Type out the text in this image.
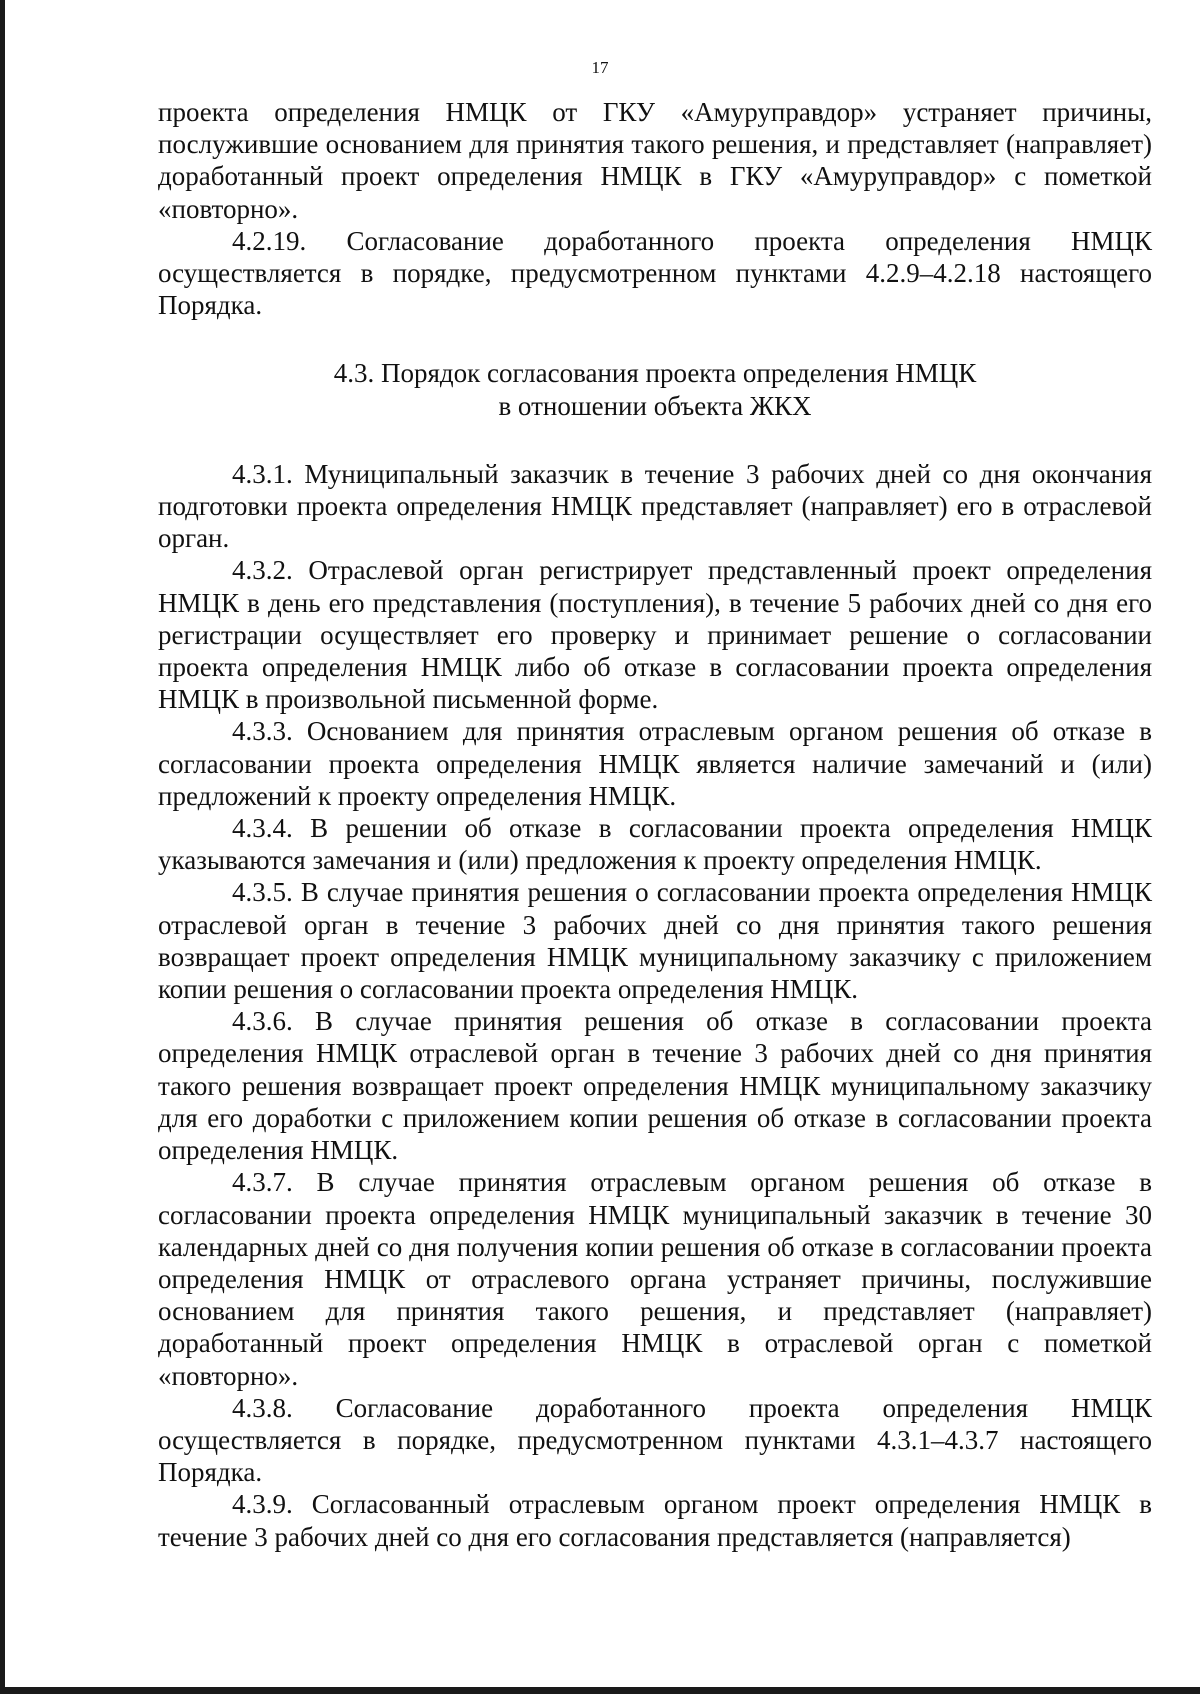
17

проекта определения НМЦК от ГКУ «Амуруправдор» устраняет причины, послужившие основанием для принятия такого решения, и представляет (направляет) доработанный проект определения НМЦК в ГКУ «Амуруправдор» с пометкой «повторно».

4.2.19. Согласование доработанного проекта определения НМЦК осуществляется в порядке, предусмотренном пунктами 4.2.9–4.2.18 настоящего Порядка.

4.3. Порядок согласования проекта определения НМЦК
в отношении объекта ЖКХ

4.3.1. Муниципальный заказчик в течение 3 рабочих дней со дня окончания подготовки проекта определения НМЦК представляет (направляет) его в отраслевой орган.

4.3.2. Отраслевой орган регистрирует представленный проект определения НМЦК в день его представления (поступления), в течение 5 рабочих дней со дня его регистрации осуществляет его проверку и принимает решение о согласовании проекта определения НМЦК либо об отказе в согласовании проекта определения НМЦК в произвольной письменной форме.

4.3.3. Основанием для принятия отраслевым органом решения об отказе в согласовании проекта определения НМЦК является наличие замечаний и (или) предложений к проекту определения НМЦК.

4.3.4. В решении об отказе в согласовании проекта определения НМЦК указываются замечания и (или) предложения к проекту определения НМЦК.

4.3.5. В случае принятия решения о согласовании проекта определения НМЦК отраслевой орган в течение 3 рабочих дней со дня принятия такого решения возвращает проект определения НМЦК муниципальному заказчику с приложением копии решения о согласовании проекта определения НМЦК.

4.3.6. В случае принятия решения об отказе в согласовании проекта определения НМЦК отраслевой орган в течение 3 рабочих дней со дня принятия такого решения возвращает проект определения НМЦК муниципальному заказчику для его доработки с приложением копии решения об отказе в согласовании проекта определения НМЦК.

4.3.7. В случае принятия отраслевым органом решения об отказе в согласовании проекта определения НМЦК муниципальный заказчик в течение 30 календарных дней со дня получения копии решения об отказе в согласовании проекта определения НМЦК от отраслевого органа устраняет причины, послужившие основанием для принятия такого решения, и представляет (направляет) доработанный проект определения НМЦК в отраслевой орган с пометкой «повторно».

4.3.8. Согласование доработанного проекта определения НМЦК осуществляется в порядке, предусмотренном пунктами 4.3.1–4.3.7 настоящего Порядка.

4.3.9. Согласованный отраслевым органом проект определения НМЦК в течение 3 рабочих дней со дня его согласования представляется (направляется)
